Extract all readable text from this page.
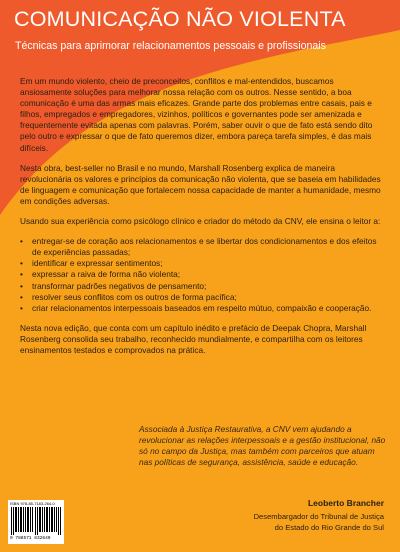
COMUNICAÇÃO NÃO VIOLENTA
Técnicas para aprimorar relacionamentos pessoais e profissionais

Em um mundo violento, cheio de preconceitos, conflitos e mal-entendidos, buscamos ansiosamente soluções para melhorar nossa relação com os outros. Nesse sentido, a boa comunicação é uma das armas mais eficazes. Grande parte dos problemas entre casais, pais e filhos, empregados e empregadores, vizinhos, políticos e governantes pode ser amenizada e frequentemente evitada apenas com palavras. Porém, saber ouvir o que de fato está sendo dito pelo outro e expressar o que de fato queremos dizer, embora pareça tarefa simples, é das mais difíceis.

Nesta obra, best-seller no Brasil e no mundo, Marshall Rosenberg explica de maneira revolucionária os valores e princípios da comunicação não violenta, que se baseia em habilidades de linguagem e comunicação que fortalecem nossa capacidade de manter a humanidade, mesmo em condições adversas.

Usando sua experiência como psicólogo clínico e criador do método da CNV, ele ensina o leitor a:

• entregar-se de coração aos relacionamentos e se libertar dos condicionamentos e dos efeitos de experiências passadas;
• identificar e expressar sentimentos;
• expressar a raiva de forma não violenta;
• transformar padrões negativos de pensamento;
• resolver seus conflitos com os outros de forma pacífica;
• criar relacionamentos interpessoais baseados em respeito mútuo, compaixão e cooperação.

Nesta nova edição, que conta com um capítulo inédito e prefácio de Deepak Chopra, Marshall Rosenberg consolida seu trabalho, reconhecido mundialmente, e compartilha com os leitores ensinamentos testados e comprovados na prática.

Associada à Justiça Restaurativa, a CNV vem ajudando a revolucionar as relações interpessoais e a gestão institucional, não só no campo da Justiça, mas também com parceiros que atuam nas políticas de segurança, assistência, saúde e educação.
Leoberto Brancher
Desembargador do Tribunal de Justiça
do Estado do Rio Grande do Sul
ISBN 978-85-7183-264-0
9 788571 832640
